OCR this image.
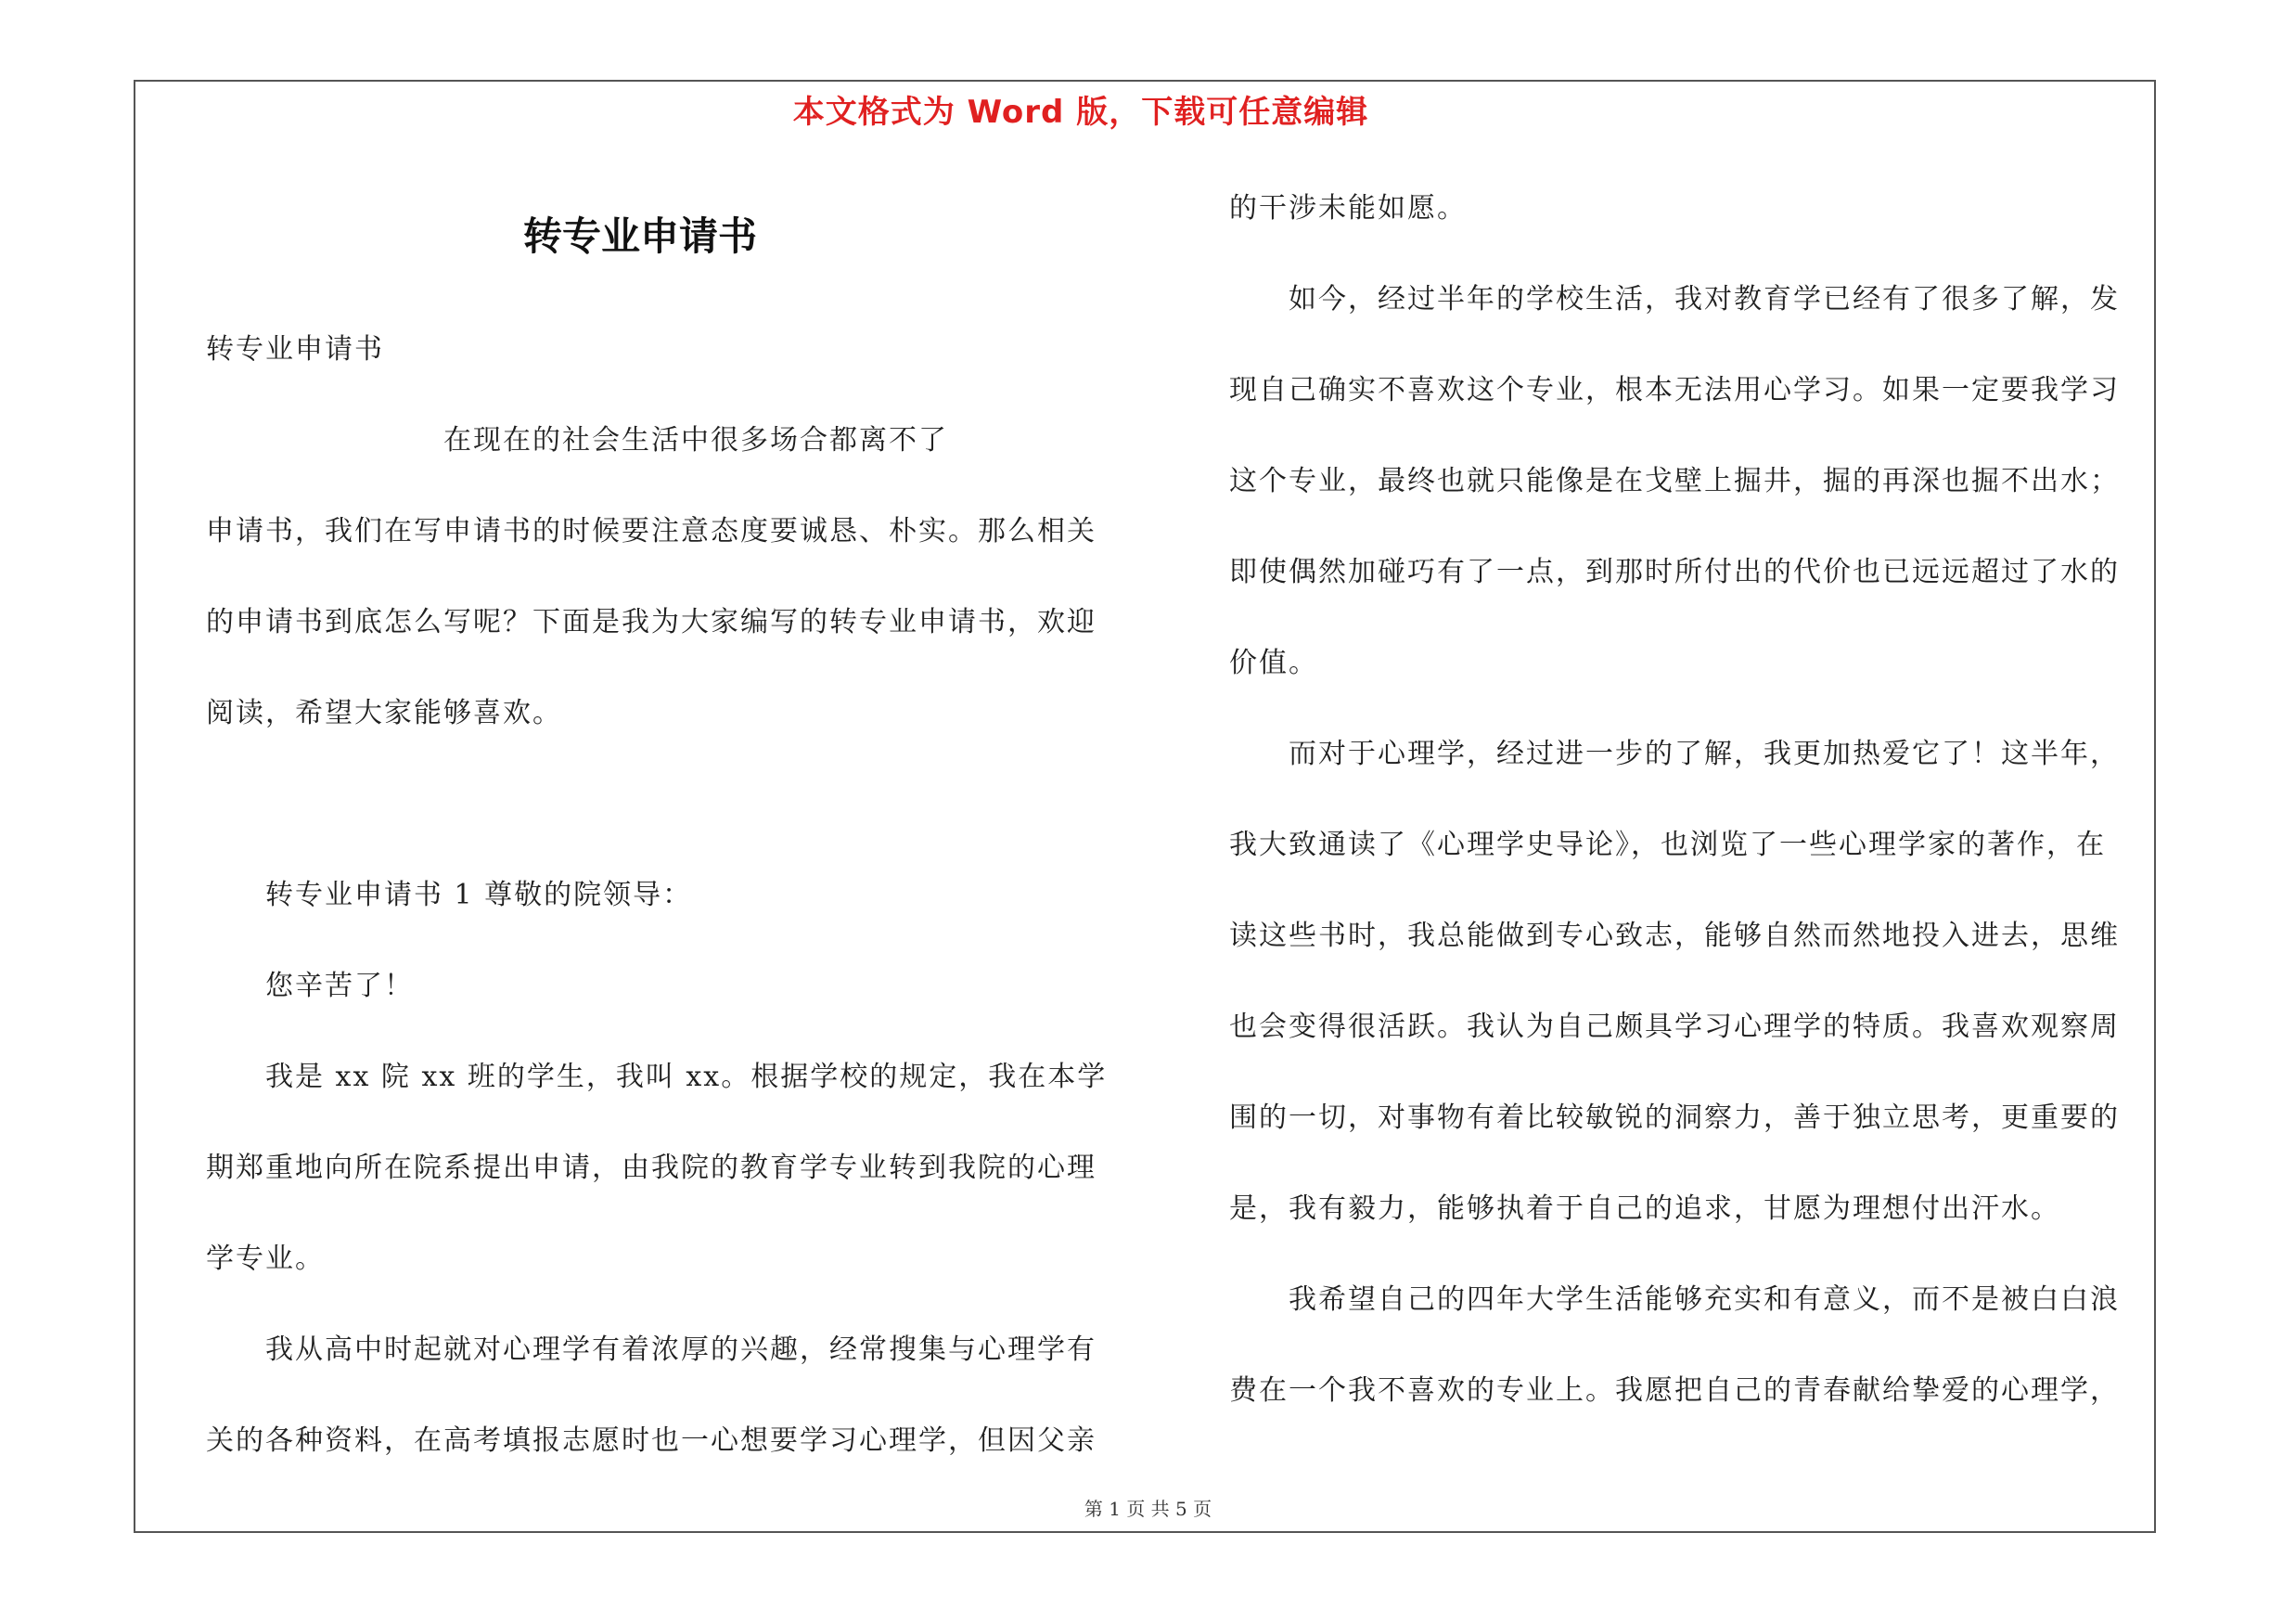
本文格式为 Word 版，下载可任意编辑
转专业申请书
转专业申请书
　　　　　　　　在现在的社会生活中很多场合都离不了
申请书，我们在写申请书的时候要注意态度要诚恳、朴实。那么相关
的申请书到底怎么写呢？下面是我为大家编写的转专业申请书，欢迎
阅读，希望大家能够喜欢。
　　转专业申请书 1 尊敬的院领导：
　　您辛苦了！
　　我是 xx 院 xx 班的学生，我叫 xx。根据学校的规定，我在本学
期郑重地向所在院系提出申请，由我院的教育学专业转到我院的心理
学专业。
　　我从高中时起就对心理学有着浓厚的兴趣，经常搜集与心理学有
关的各种资料，在高考填报志愿时也一心想要学习心理学，但因父亲
的干涉未能如愿。
　　如今，经过半年的学校生活，我对教育学已经有了很多了解，发
现自己确实不喜欢这个专业，根本无法用心学习。如果一定要我学习
这个专业，最终也就只能像是在戈壁上掘井，掘的再深也掘不出水；
即使偶然加碰巧有了一点，到那时所付出的代价也已远远超过了水的
价值。
　　而对于心理学，经过进一步的了解，我更加热爱它了！这半年，
我大致通读了《心理学史导论》，也浏览了一些心理学家的著作，在
读这些书时，我总能做到专心致志，能够自然而然地投入进去，思维
也会变得很活跃。我认为自己颇具学习心理学的特质。我喜欢观察周
围的一切，对事物有着比较敏锐的洞察力，善于独立思考，更重要的
是，我有毅力，能够执着于自己的追求，甘愿为理想付出汗水。
　　我希望自己的四年大学生活能够充实和有意义，而不是被白白浪
费在一个我不喜欢的专业上。我愿把自己的青春献给挚爱的心理学，
第 1 页 共 5 页
